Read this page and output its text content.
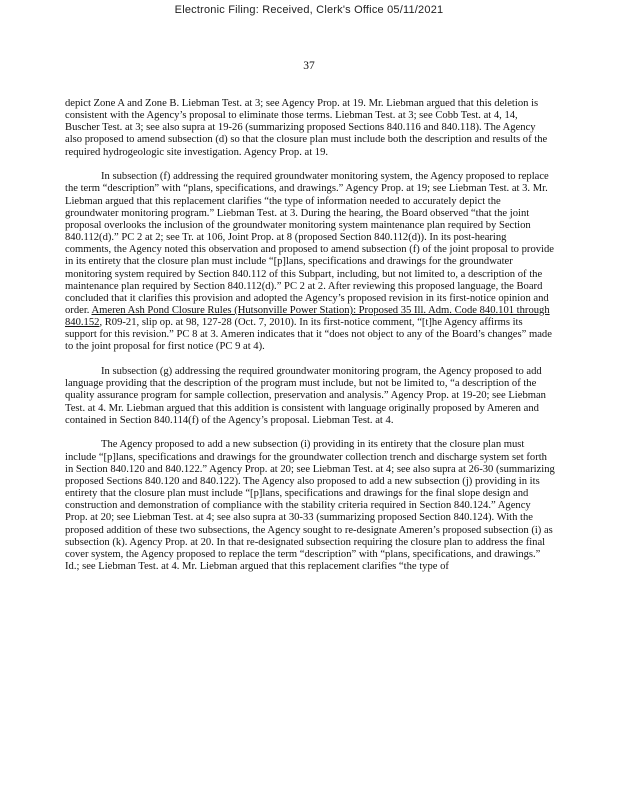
Electronic Filing: Received, Clerk's Office 05/11/2021
37

depict Zone A and Zone B. Liebman Test. at 3; see Agency Prop. at 19. Mr. Liebman argued that this deletion is consistent with the Agency’s proposal to eliminate those terms. Liebman Test. at 3; see Cobb Test. at 4, 14, Buscher Test. at 3; see also supra at 19-26 (summarizing proposed Sections 840.116 and 840.118). The Agency also proposed to amend subsection (d) so that the closure plan must include both the description and results of the required hydrogeologic site investigation. Agency Prop. at 19.

In subsection (f) addressing the required groundwater monitoring system, the Agency proposed to replace the term “description” with “plans, specifications, and drawings.” Agency Prop. at 19; see Liebman Test. at 3. Mr. Liebman argued that this replacement clarifies “the type of information needed to accurately depict the groundwater monitoring program.” Liebman Test. at 3. During the hearing, the Board observed “that the joint proposal overlooks the inclusion of the groundwater monitoring system maintenance plan required by Section 840.112(d).” PC 2 at 2; see Tr. at 106, Joint Prop. at 8 (proposed Section 840.112(d)). In its post-hearing comments, the Agency noted this observation and proposed to amend subsection (f) of the joint proposal to provide in its entirety that the closure plan must include “[p]lans, specifications and drawings for the groundwater monitoring system required by Section 840.112 of this Subpart, including, but not limited to, a description of the maintenance plan required by Section 840.112(d).” PC 2 at 2. After reviewing this proposed language, the Board concluded that it clarifies this provision and adopted the Agency’s proposed revision in its first-notice opinion and order. Ameren Ash Pond Closure Rules (Hutsonville Power Station): Proposed 35 Ill. Adm. Code 840.101 through 840.152, R09-21, slip op. at 98, 127-28 (Oct. 7, 2010). In its first-notice comment, “[t]he Agency affirms its support for this revision.” PC 8 at 3. Ameren indicates that it “does not object to any of the Board’s changes” made to the joint proposal for first notice (PC 9 at 4).

In subsection (g) addressing the required groundwater monitoring program, the Agency proposed to add language providing that the description of the program must include, but not be limited to, “a description of the quality assurance program for sample collection, preservation and analysis.” Agency Prop. at 19-20; see Liebman Test. at 4. Mr. Liebman argued that this addition is consistent with language originally proposed by Ameren and contained in Section 840.114(f) of the Agency’s proposal. Liebman Test. at 4.

The Agency proposed to add a new subsection (i) providing in its entirety that the closure plan must include “[p]lans, specifications and drawings for the groundwater collection trench and discharge system set forth in Section 840.120 and 840.122.” Agency Prop. at 20; see Liebman Test. at 4; see also supra at 26-30 (summarizing proposed Sections 840.120 and 840.122). The Agency also proposed to add a new subsection (j) providing in its entirety that the closure plan must include “[p]lans, specifications and drawings for the final slope design and construction and demonstration of compliance with the stability criteria required in Section 840.124.” Agency Prop. at 20; see Liebman Test. at 4; see also supra at 30-33 (summarizing proposed Section 840.124). With the proposed addition of these two subsections, the Agency sought to re-designate Ameren’s proposed subsection (i) as subsection (k). Agency Prop. at 20. In that re-designated subsection requiring the closure plan to address the final cover system, the Agency proposed to replace the term “description” with “plans, specifications, and drawings.” Id.; see Liebman Test. at 4. Mr. Liebman argued that this replacement clarifies “the type of
